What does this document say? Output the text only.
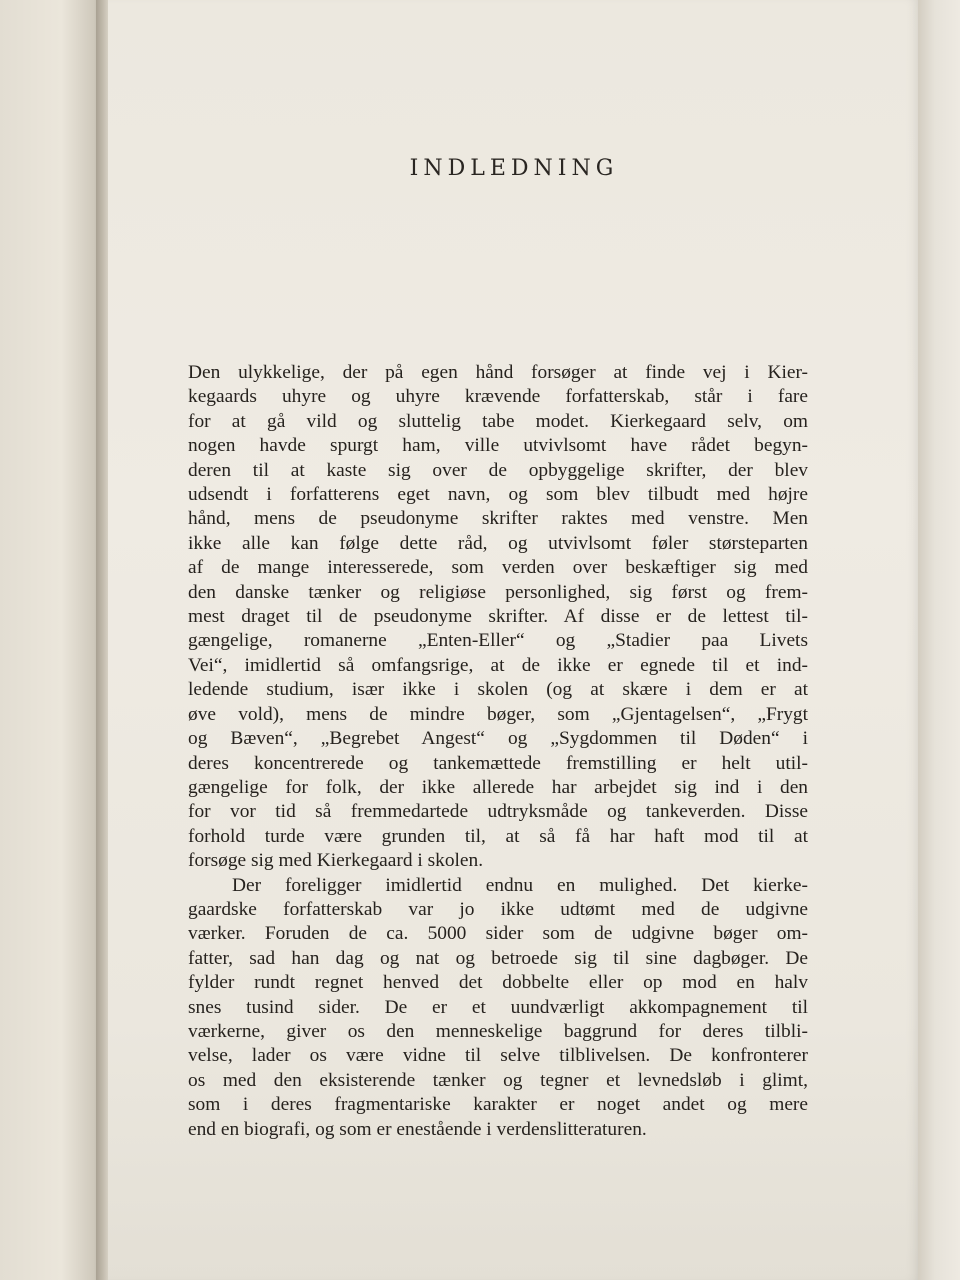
INDLEDNING
Den ulykkelige, der på egen hånd forsøger at finde vej i Kier-
kegaards uhyre og uhyre krævende forfatterskab, står i fare
for at gå vild og sluttelig tabe modet. Kierkegaard selv, om
nogen havde spurgt ham, ville utvivlsomt have rådet begyn-
deren til at kaste sig over de opbyggelige skrifter, der blev
udsendt i forfatterens eget navn, og som blev tilbudt med højre
hånd, mens de pseudonyme skrifter raktes med venstre. Men
ikke alle kan følge dette råd, og utvivlsomt føler størsteparten
af de mange interesserede, som verden over beskæftiger sig med
den danske tænker og religiøse personlighed, sig først og frem-
mest draget til de pseudonyme skrifter. Af disse er de lettest til-
gængelige, romanerne „Enten-Eller“ og „Stadier paa Livets
Vei“, imidlertid så omfangsrige, at de ikke er egnede til et ind-
ledende studium, især ikke i skolen (og at skære i dem er at
øve vold), mens de mindre bøger, som „Gjentagelsen“, „Frygt
og Bæven“, „Begrebet Angest“ og „Sygdommen til Døden“ i
deres koncentrerede og tankemættede fremstilling er helt util-
gængelige for folk, der ikke allerede har arbejdet sig ind i den
for vor tid så fremmedartede udtryksmåde og tankeverden. Disse
forhold turde være grunden til, at så få har haft mod til at
forsøge sig med Kierkegaard i skolen.
Der foreligger imidlertid endnu en mulighed. Det kierke-
gaardske forfatterskab var jo ikke udtømt med de udgivne
værker. Foruden de ca. 5000 sider som de udgivne bøger om-
fatter, sad han dag og nat og betroede sig til sine dagbøger. De
fylder rundt regnet henved det dobbelte eller op mod en halv
snes tusind sider. De er et uundværligt akkompagnement til
værkerne, giver os den menneskelige baggrund for deres tilbli-
velse, lader os være vidne til selve tilblivelsen. De konfronterer
os med den eksisterende tænker og tegner et levnedsløb i glimt,
som i deres fragmentariske karakter er noget andet og mere
end en biografi, og som er enestående i verdenslitteraturen.
